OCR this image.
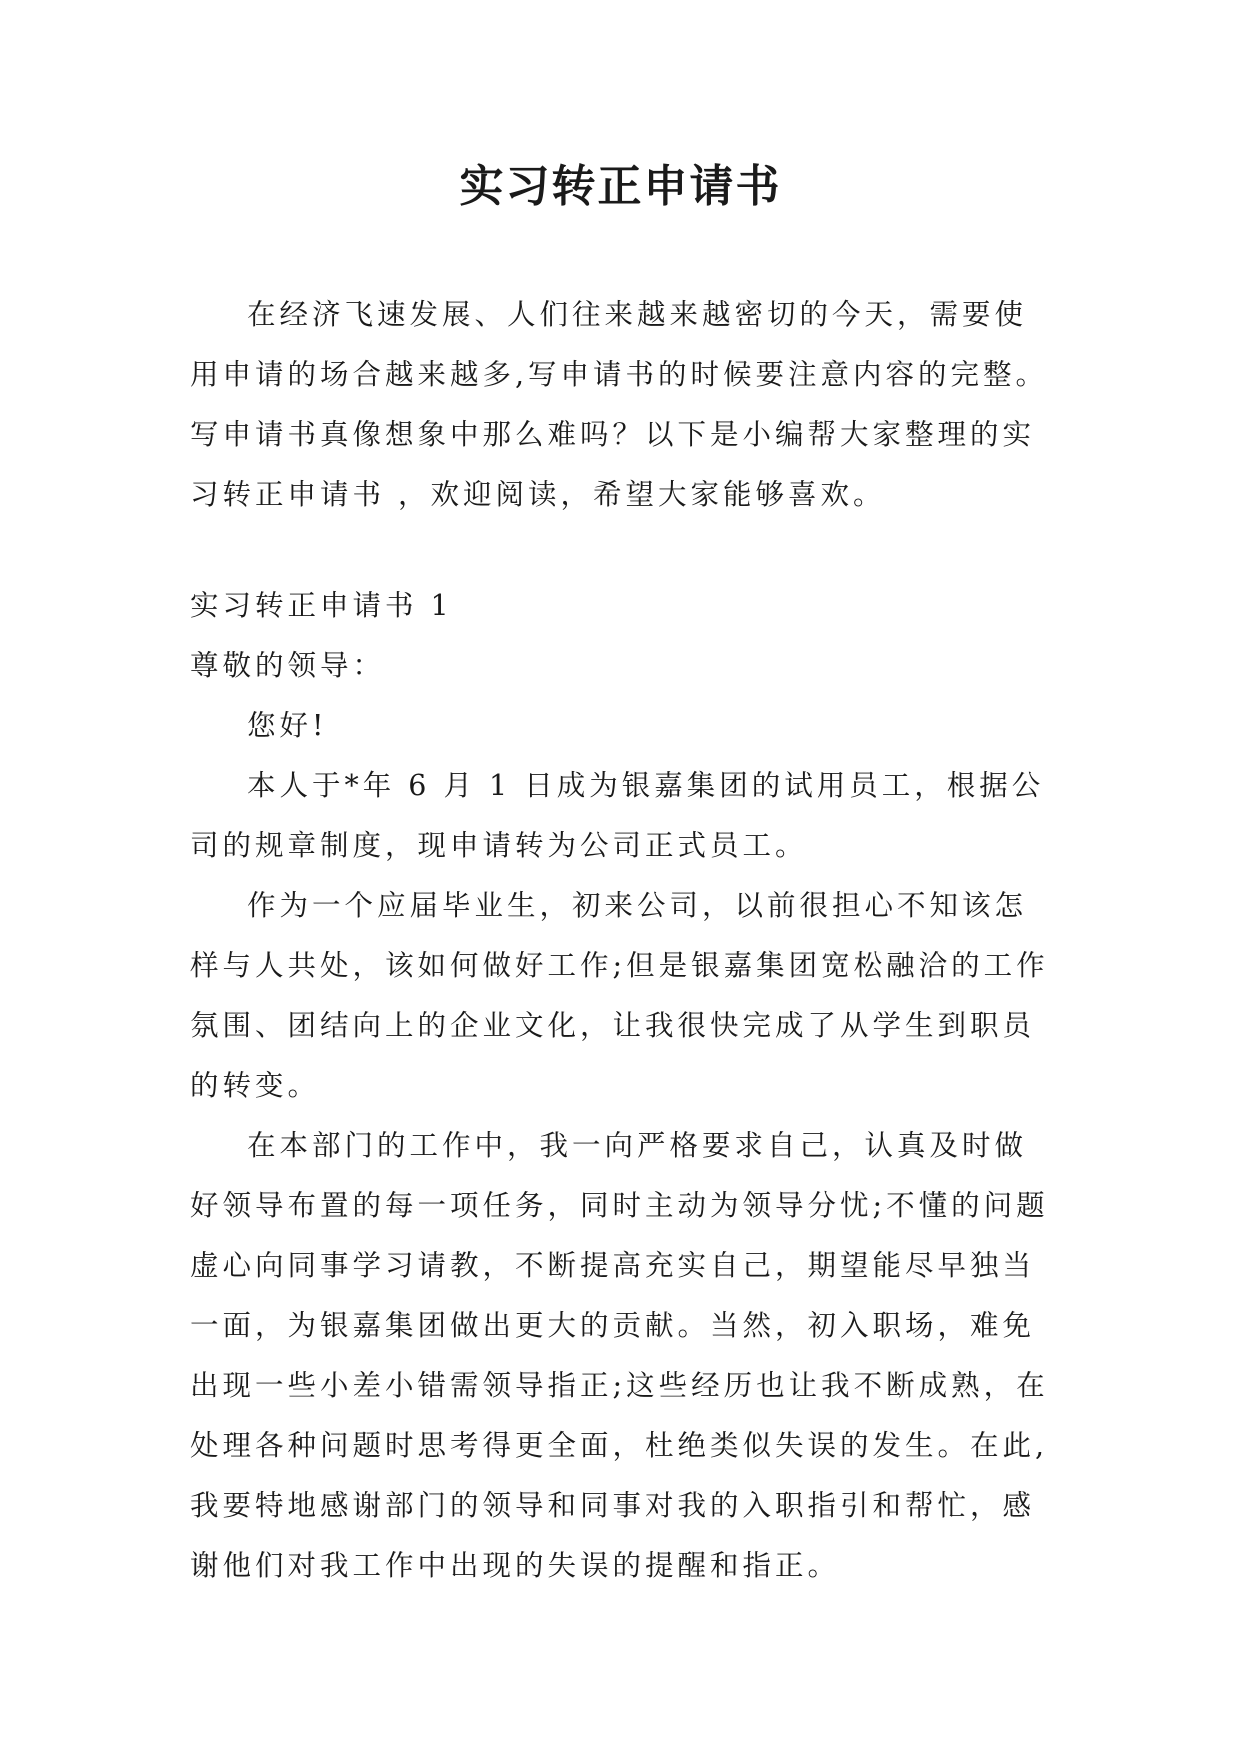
实习转正申请书

在经济飞速发展、人们往来越来越密切的今天，需要使用申请的场合越来越多,写申请书的时候要注意内容的完整。写申请书真像想象中那么难吗？以下是小编帮大家整理的实习转正申请书 ，欢迎阅读，希望大家能够喜欢。

实习转正申请书 1

尊敬的领导：

您好!

本人于*年 6 月 1 日成为银嘉集团的试用员工，根据公司的规章制度，现申请转为公司正式员工。

作为一个应届毕业生，初来公司，以前很担心不知该怎样与人共处，该如何做好工作;但是银嘉集团宽松融洽的工作氛围、团结向上的企业文化，让我很快完成了从学生到职员的转变。

在本部门的工作中，我一向严格要求自己，认真及时做好领导布置的每一项任务，同时主动为领导分忧;不懂的问题虚心向同事学习请教，不断提高充实自己，期望能尽早独当一面，为银嘉集团做出更大的贡献。当然，初入职场，难免出现一些小差小错需领导指正;这些经历也让我不断成熟，在处理各种问题时思考得更全面，杜绝类似失误的发生。在此,我要特地感谢部门的领导和同事对我的入职指引和帮忙，感谢他们对我工作中出现的失误的提醒和指正。
